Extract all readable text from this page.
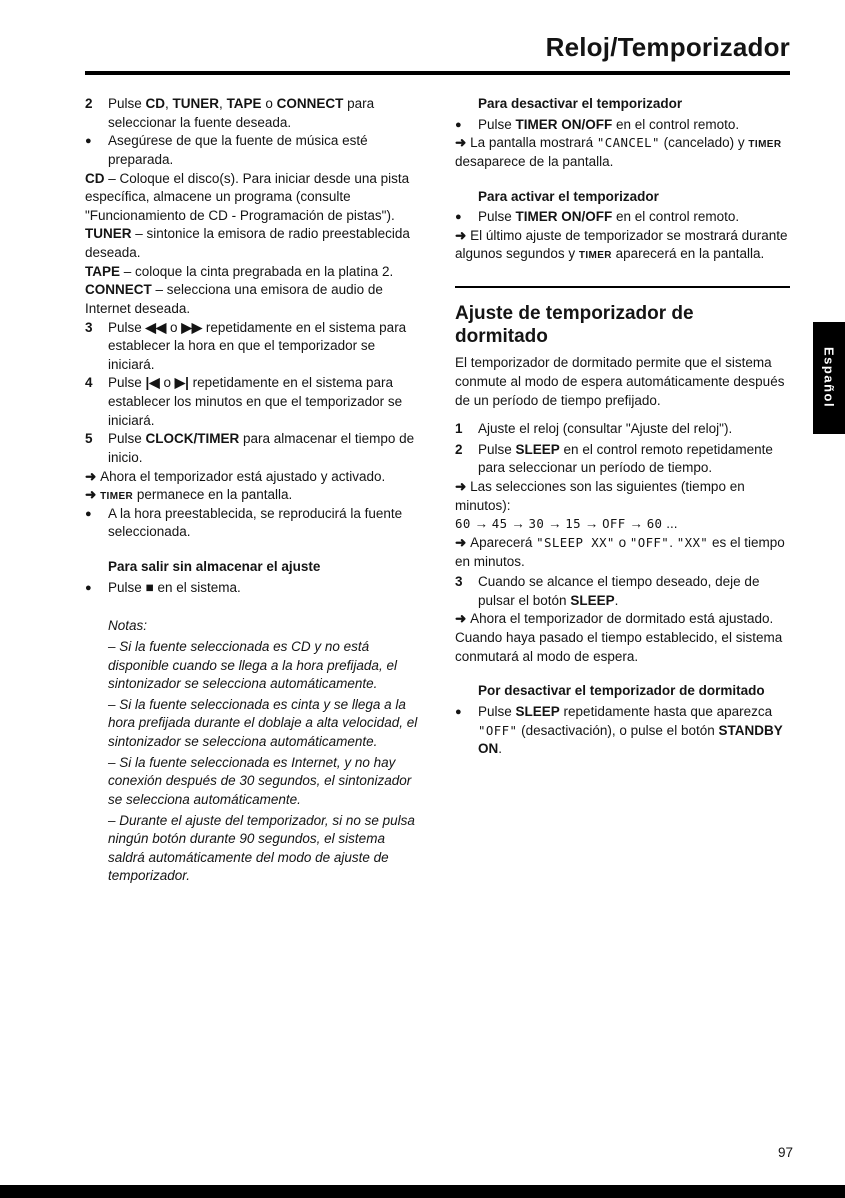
Reloj/Temporizador
2	Pulse CD, TUNER, TAPE o CONNECT para seleccionar la fuente deseada.

●	Asegúrese de que la fuente de música esté preparada.

CD – Coloque el disco(s). Para iniciar desde una pista específica, almacene un programa (consulte "Funcionamiento de CD - Programación de pistas").

TUNER – sintonice la emisora de radio preestablecida deseada.

TAPE – coloque la cinta pregrabada en la platina 2.

CONNECT – selecciona una emisora de audio de Internet deseada.

3	Pulse ◀◀ o ▶▶ repetidamente en el sistema para establecer la hora en que el temporizador se iniciará.

4	Pulse |◀ o ▶| repetidamente en el sistema para establecer los minutos en que el temporizador se iniciará.

5	Pulse CLOCK/TIMER para almacenar el tiempo de inicio.

➜ Ahora el temporizador está ajustado y activado.

➜ TIMER permanece en la pantalla.

●	A la hora preestablecida, se reproducirá la fuente seleccionada.

Para salir sin almacenar el ajuste

●	Pulse ■ en el sistema.

Notas:

– Si la fuente seleccionada es CD y no está disponible cuando se llega a la hora prefijada, el sintonizador se selecciona automáticamente.

– Si la fuente seleccionada es cinta y se llega a la hora prefijada durante el doblaje a alta velocidad, el sintonizador se selecciona automáticamente.

– Si la fuente seleccionada es Internet, y no hay conexión después de 30 segundos, el sintonizador se selecciona automáticamente.

– Durante el ajuste del temporizador, si no se pulsa ningún botón durante 90 segundos, el sistema saldrá automáticamente del modo de ajuste de temporizador.

Para desactivar el temporizador

●	Pulse TIMER ON/OFF en el control remoto.

➜ La pantalla mostrará "CANCEL" (cancelado) y TIMER desaparece de la pantalla.

Para activar el temporizador

●	Pulse TIMER ON/OFF en el control remoto.

➜ El último ajuste de temporizador se mostrará durante algunos segundos y TIMER aparecerá en la pantalla.

Ajuste de temporizador de dormitado

El temporizador de dormitado permite que el sistema conmute al modo de espera automáticamente después de un período de tiempo prefijado.

1	Ajuste el reloj (consultar "Ajuste del reloj").

2	Pulse SLEEP en el control remoto repetidamente para seleccionar un período de tiempo.

➜ Las selecciones son las siguientes (tiempo en minutos):

60 → 45 → 30 → 15 → OFF → 60 ...

➜ Aparecerá "SLEEP XX" o "OFF". "XX" es el tiempo en minutos.

3	Cuando se alcance el tiempo deseado, deje de pulsar el botón SLEEP.

➜ Ahora el temporizador de dormitado está ajustado. Cuando haya pasado el tiempo establecido, el sistema conmutará al modo de espera.

Por desactivar el temporizador de dormitado

●	Pulse SLEEP repetidamente hasta que aparezca "OFF" (desactivación), o pulse el botón STANDBY ON.

Español
97
